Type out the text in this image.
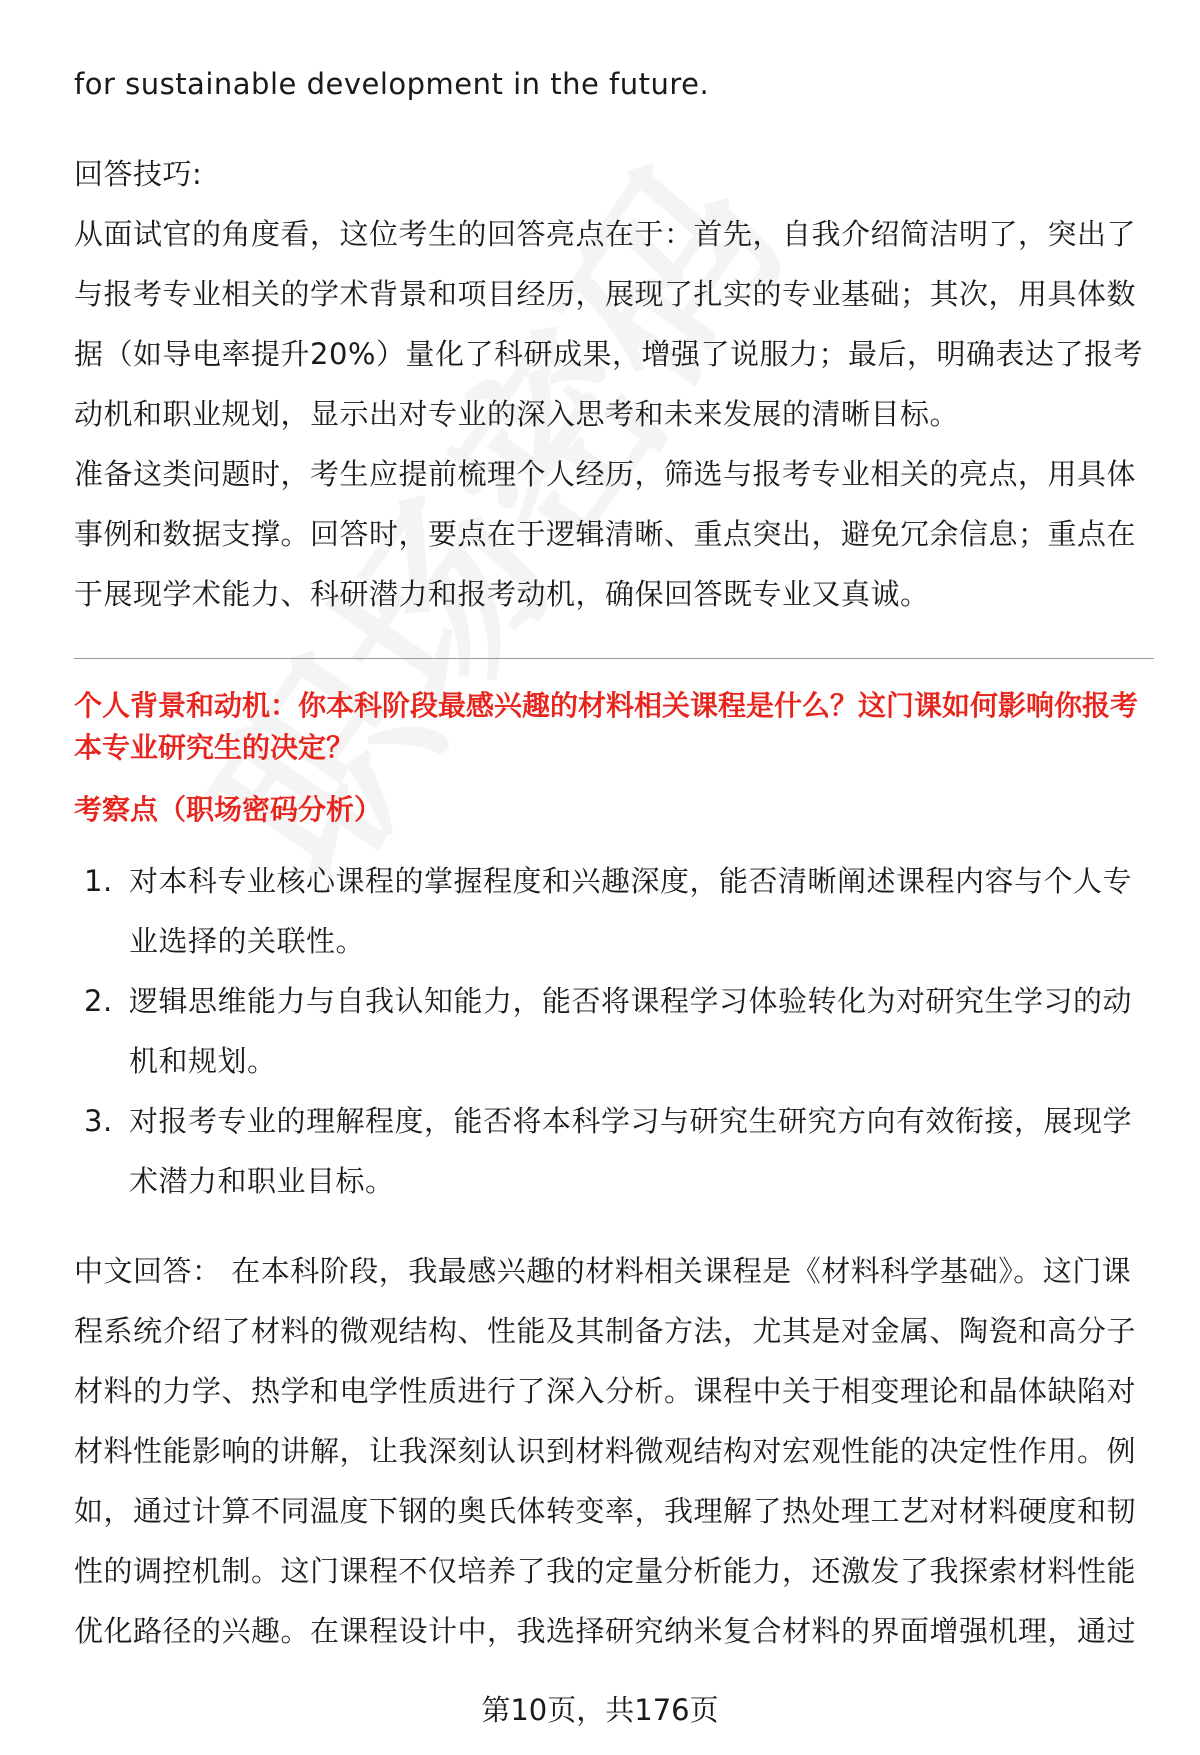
for sustainable development in the future.

回答技巧:

从面试官的角度看，这位考生的回答亮点在于：首先，自我介绍简洁明了，突出了与报考专业相关的学术背景和项目经历，展现了扎实的专业基础；其次，用具体数据（如导电率提升20%）量化了科研成果，增强了说服力；最后，明确表达了报考动机和职业规划，显示出对专业的深入思考和未来发展的清晰目标。

准备这类问题时，考生应提前梳理个人经历，筛选与报考专业相关的亮点，用具体事例和数据支撑。回答时，要点在于逻辑清晰、重点突出，避免冗余信息；重点在于展现学术能力、科研潜力和报考动机，确保回答既专业又真诚。

个人背景和动机：你本科阶段最感兴趣的材料相关课程是什么？这门课如何影响你报考本专业研究生的决定？

考察点（职场密码分析）

1. 对本科专业核心课程的掌握程度和兴趣深度，能否清晰阐述课程内容与个人专业选择的关联性。
2. 逻辑思维能力与自我认知能力，能否将课程学习体验转化为对研究生学习的动机和规划。
3. 对报考专业的理解程度，能否将本科学习与研究生研究方向有效衔接，展现学术潜力和职业目标。

中文回答： 在本科阶段，我最感兴趣的材料相关课程是《材料科学基础》。这门课程系统介绍了材料的微观结构、性能及其制备方法，尤其是对金属、陶瓷和高分子材料的力学、热学和电学性质进行了深入分析。课程中关于相变理论和晶体缺陷对材料性能影响的讲解，让我深刻认识到材料微观结构对宏观性能的决定性作用。例如，通过计算不同温度下钢的奥氏体转变率，我理解了热处理工艺对材料硬度和韧性的调控机制。这门课程不仅培养了我的定量分析能力，还激发了我探索材料性能优化路径的兴趣。在课程设计中，我选择研究纳米复合材料的界面增强机理，通过

第10页，共176页
